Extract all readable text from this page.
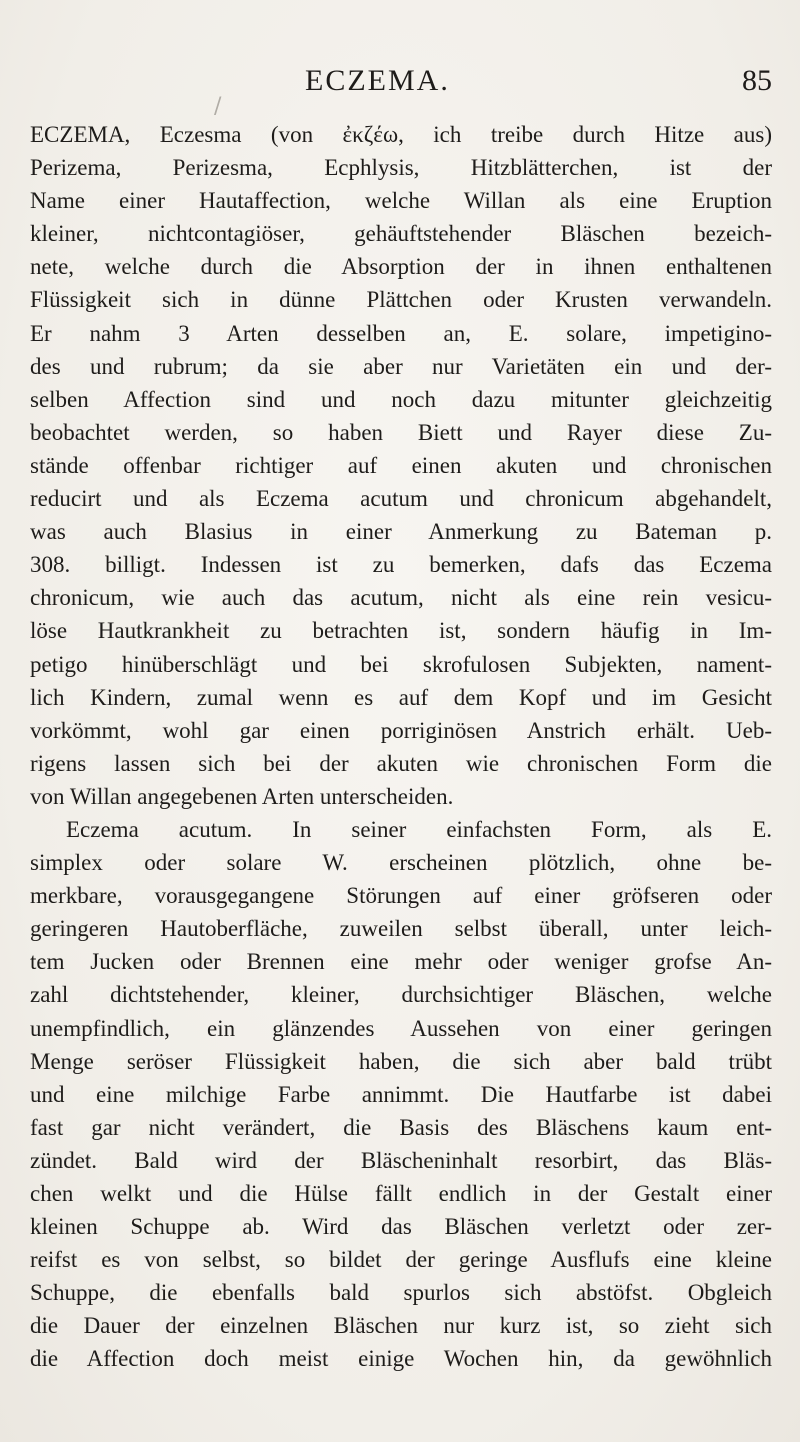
/
ECZEMA.	85
ECZEMA, Eczesma (von ἐκζέω, ich treibe durch Hitze aus)
Perizema, Perizesma, Ecphlysis, Hitzblätterchen, ist der
Name einer Hautaffection, welche Willan als eine Eruption
kleiner, nichtcontagiöser, gehäuftstehender Bläschen bezeich-
nete, welche durch die Absorption der in ihnen enthaltenen
Flüssigkeit sich in dünne Plättchen oder Krusten verwandeln.
Er nahm 3 Arten desselben an, E. solare, impetigino-
des und rubrum; da sie aber nur Varietäten ein und der-
selben Affection sind und noch dazu mitunter gleichzeitig
beobachtet werden, so haben Biett und Rayer diese Zu-
stände offenbar richtiger auf einen akuten und chronischen
reducirt und als Eczema acutum und chronicum abgehandelt,
was auch Blasius in einer Anmerkung zu Bateman p.
308. billigt. Indessen ist zu bemerken, dafs das Eczema
chronicum, wie auch das acutum, nicht als eine rein vesicu-
löse Hautkrankheit zu betrachten ist, sondern häufig in Im-
petigo hinüberschlägt und bei skrofulosen Subjekten, nament-
lich Kindern, zumal wenn es auf dem Kopf und im Gesicht
vorkömmt, wohl gar einen porriginösen Anstrich erhält. Ueb-
rigens lassen sich bei der akuten wie chronischen Form die
von Willan angegebenen Arten unterscheiden.
Eczema acutum. In seiner einfachsten Form, als E.
simplex oder solare W. erscheinen plötzlich, ohne be-
merkbare, vorausgegangene Störungen auf einer gröfseren oder
geringeren Hautoberfläche, zuweilen selbst überall, unter leich-
tem Jucken oder Brennen eine mehr oder weniger grofse An-
zahl dichtstehender, kleiner, durchsichtiger Bläschen, welche
unempfindlich, ein glänzendes Aussehen von einer geringen
Menge seröser Flüssigkeit haben, die sich aber bald trübt
und eine milchige Farbe annimmt. Die Hautfarbe ist dabei
fast gar nicht verändert, die Basis des Bläschens kaum ent-
zündet. Bald wird der Bläscheninhalt resorbirt, das Bläs-
chen welkt und die Hülse fällt endlich in der Gestalt einer
kleinen Schuppe ab. Wird das Bläschen verletzt oder zer-
reifst es von selbst, so bildet der geringe Ausflufs eine kleine
Schuppe, die ebenfalls bald spurlos sich abstöfst. Obgleich
die Dauer der einzelnen Bläschen nur kurz ist, so zieht sich
die Affection doch meist einige Wochen hin, da gewöhnlich
